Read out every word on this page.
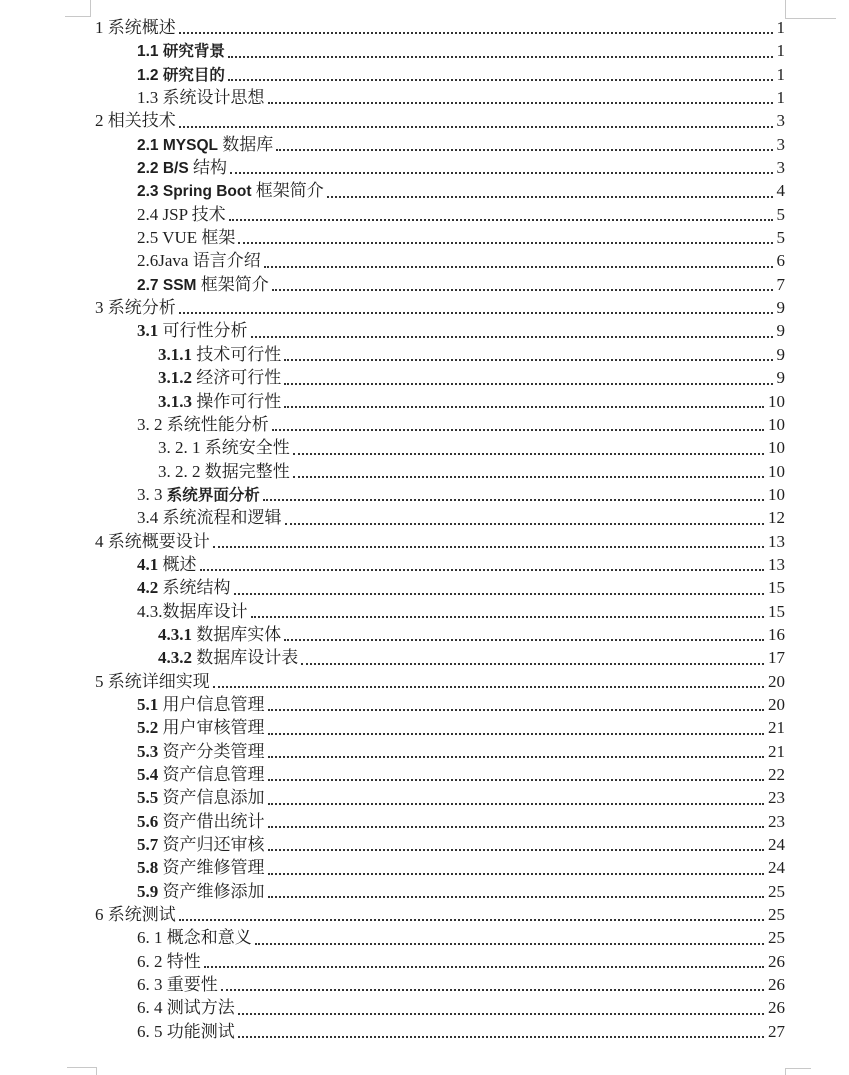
1 系统概述	1
1.1 研究背景	1
1.2 研究目的	1
1.3 系统设计思想	1
2 相关技术	3
2.1 MYSQL 数据库	3
2.2 B/S 结构	3
2.3 Spring Boot 框架简介	4
2.4 JSP 技术	5
2.5 VUE 框架	5
2.6Java 语言介绍	6
2.7 SSM 框架简介	7
3 系统分析	9
3.1 可行性分析	9
3.1.1 技术可行性	9
3.1.2 经济可行性	9
3.1.3 操作可行性	10
3. 2 系统性能分析	10
3. 2. 1 系统安全性	10
3. 2. 2 数据完整性	10
3. 3 系统界面分析	10
3.4 系统流程和逻辑	12
4 系统概要设计	13
4.1 概述	13
4.2 系统结构	15
4.3.数据库设计	15
4.3.1 数据库实体	16
4.3.2 数据库设计表	17
5 系统详细实现	20
5.1 用户信息管理	20
5.2 用户审核管理	21
5.3 资产分类管理	21
5.4 资产信息管理	22
5.5 资产信息添加	23
5.6 资产借出统计	23
5.7 资产归还审核	24
5.8 资产维修管理	24
5.9 资产维修添加	25
6 系统测试	25
6. 1 概念和意义	25
6. 2 特性	26
6. 3 重要性	26
6. 4 测试方法	26
6. 5 功能测试	27
